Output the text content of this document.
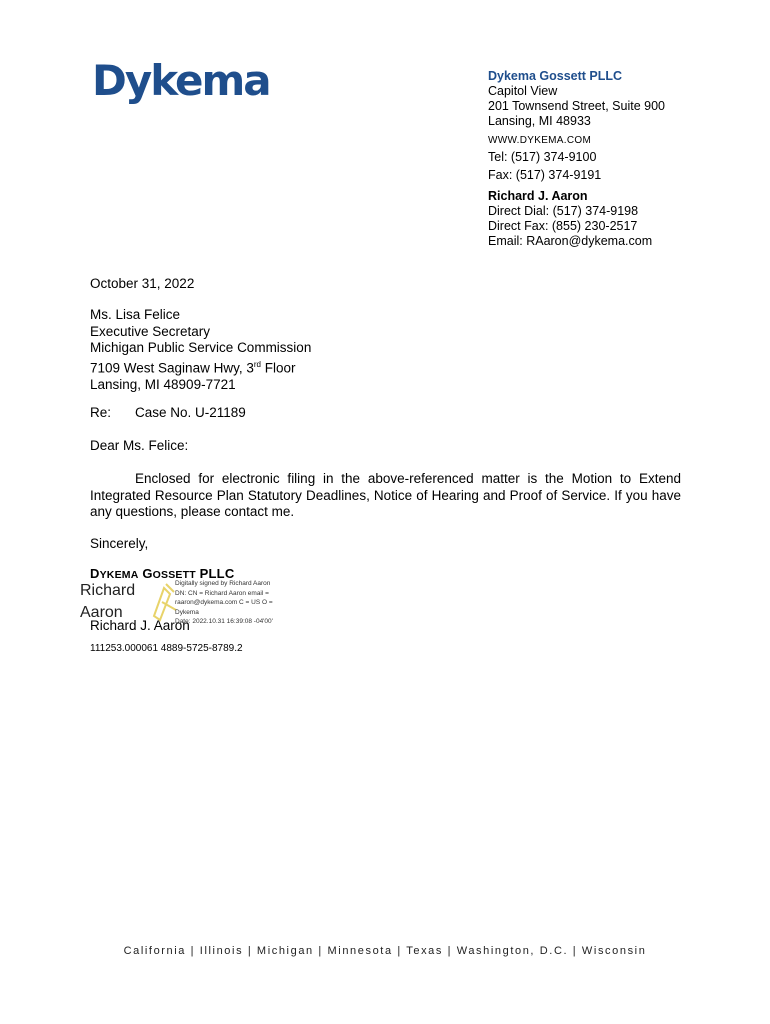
Dykema	Dykema Gossett PLLC
Capitol View
201 Townsend Street, Suite 900
Lansing, MI 48933
WWW.DYKEMA.COM
Tel: (517) 374-9100
Fax: (517) 374-9191
Richard J. Aaron
Direct Dial: (517) 374-9198
Direct Fax: (855) 230-2517
Email: RAaron@dykema.com
October 31, 2022
Ms. Lisa Felice
Executive Secretary
Michigan Public Service Commission
7109 West Saginaw Hwy, 3rd Floor
Lansing, MI 48909-7721
Re: Case No. U-21189
Dear Ms. Felice:
Enclosed for electronic filing in the above-referenced matter is the Motion to Extend Integrated Resource Plan Statutory Deadlines, Notice of Hearing and Proof of Service. If you have any questions, please contact me.
Sincerely,
DYKEMA GOSSETT PLLC
Richard
Aaron
Digitally signed by Richard Aaron
DN: CN = Richard Aaron email =
raaron@dykema.com C = US O =
Dykema
Date: 2022.10.31 16:39:08 -04'00'
Richard J. Aaron
111253.000061 4889-5725-8789.2
California | Illinois | Michigan | Minnesota | Texas | Washington, D.C. | Wisconsin
